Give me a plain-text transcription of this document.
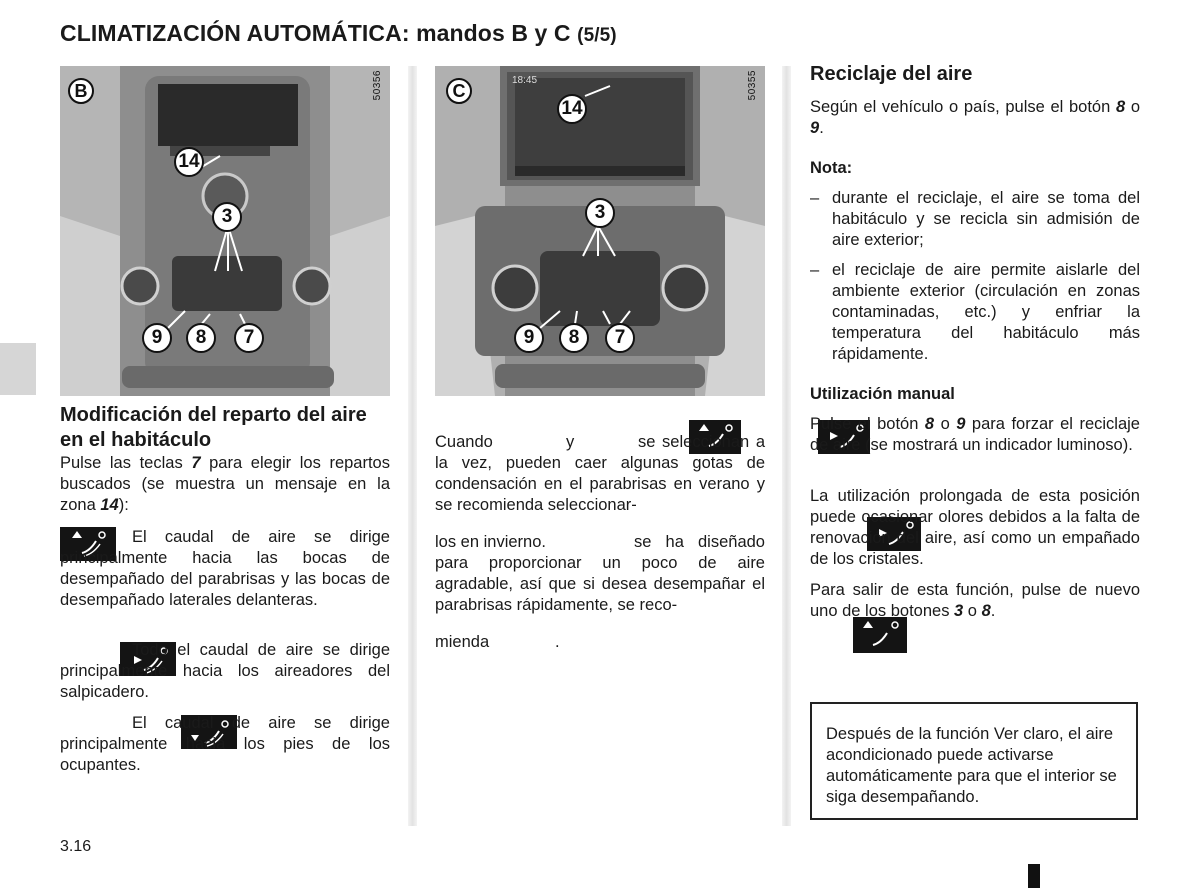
CLIMATIZACIÓN AUTOMÁTICA: mandos B y C (5/5)
B	50356
14
3
9	8	7
18:45
C	50355
14
3
9	8	7
Modificación del reparto del aire en el habitáculo
Pulse las teclas 7 para elegir los repartos buscados (se muestra un mensaje en la zona 14):

El caudal de aire se dirige principalmente hacia las bocas de desempañado del parabrisas y las bocas de desempañado laterales delanteras.

Todo el caudal de aire se dirige principalmente hacia los aireadores del salpicadero.

El caudal de aire se dirige principalmente hacia los pies de los ocupantes.

Cuando	y	se seleccionan a la vez, pueden caer algunas gotas de condensación en el parabrisas en verano y se recomienda seleccionar-

los en invierno.	se ha diseñado para proporcionar un poco de aire agradable, así que si desea desempañar el parabrisas rápidamente, se reco-
mienda	.
Reciclaje del aire
Según el vehículo o país, pulse el botón 8 o 9.
Nota:
– durante el reciclaje, el aire se toma del habitáculo y se recicla sin admisión de aire exterior;
– el reciclaje de aire permite aislarle del ambiente exterior (circulación en zonas contaminadas, etc.) y enfriar la temperatura del habitáculo más rápidamente.
Utilización manual
Pulse el botón 8 o 9 para forzar el reciclaje de aire (se mostrará un indicador luminoso).
La utilización prolongada de esta posición puede ocasionar olores debidos a la falta de renovación del aire, así como un empañado de los cristales.
Para salir de esta función, pulse de nuevo uno de los botones 3 o 8.
Después de la función Ver claro, el aire acondicionado puede activarse automáticamente para que el interior se siga desempañando.
3.16
